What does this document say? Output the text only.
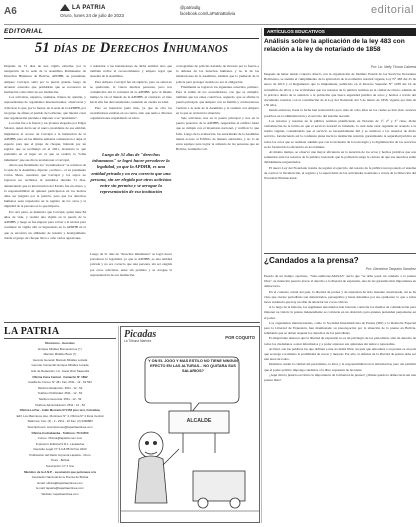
A6	LA PATRIA
Oruro, lunes 24 de julio de 2023
@patriadig
facebook.com/LaPatriaBolivia	editorial
EDITORIAL
51 días de Derechos Inhumanos

Después de 51 días de una vigilia extrema, por la usurpación de la sede de la Asamblea Permanente de Derechos Humanos de Bolivia, APDHB, su presidente, Amparo Carvajal, salió por la puerta grande, luego de alcanzar acuerdos que permitirán que se reconozca su institución como líder de esa institución.

Los activistas, expertos, analistas, líderes de opinión, y representantes de organismos internacionales, observaron y criticaron lo que, por la fuerza, en la sede de la APDHB, por un grupo de afines al partido de Gobierno, que intentó crear una organización paralela e imponer a su "presidente".

La toma fue a la fuerza y los jóvenes alegados por Edgar Salazar, quien decía ser el nuevo presidente de esa entidad, impidieron el acceso de Carvajal a la institución de la APDHB, pero en las últimas semanas comenzaron a dejar el espacio para que el grupo de choque, liderado por un regidor que se promulgó en el 2021, alcanzara lo que pretendía en el lugar en el que se realizó la "toma inhumana" que ese día le arrebataron a Carvajal.

Ahora que finalmente los "avasalladores" se retiraron de la sede de la Asamblea, dijeron: ¡acabaro... el ex presidente Carlos Mesa, cuestionó que Carvajal y los suyos no lograron ser recibidos ni atendidos durante 51 días, denunciando que la intervención del Estado fue un abuso, y la responsabilidad de quienes participaron en los hechos debe ser juzgada por la justicia, para que los derechos humanos sean respetados en la registro de los otros y la dignidad de la persona es lo que importa.

Por otra parte, se denunció que Carvajal, quien tiene 84 años de vida, y realizó una vigilia en la puerta de la APDHB, y luego se fue ingresó para volver a la terraza para continuar su vigilia allí; es ingresando en la APDHB en la que se encontró un ambiente de tensión y hostigamiento donde el grupo de choque llevó a cabo varias agresiones.

a reinstalar a las instalaciones de dicha entidad, sino que también recibe el reconocimiento y amparo legal que sustenta de la Asamblea.

Para Amparo Carvajal fue un suplicio, pero su salud no se quebrantó, la vieron muchas personas, pero nos comunicaba ahí la voluntad de la APDHB, pero al mismo tiempo la vio el mundo de la APDHB; al contrario, el trato hacia ella fue desconsiderado, teniendo en cuenta su edad.

Pero su intención pudo más, ya que su olla los avasalladores estaban en su contra, sino que tenía a diversas organizaciones respaldando su labor.

Luego de 51 días de "derechos inhumanos" se logró hacer prevalecer la legalidad, ya que la APDHB, es una entidad privada y no era correcto que una persona, sin ser elegida por otros activistas entre sin permiso y se arrogue la representación de esa institución

Luego de 51 días de "derechos inhumanos" se logró hacer prevalecer la legalidad, ya que la APDHB, es una entidad privada y no era correcto que una persona, sin ser elegida por otros activistas, entre sin permiso y se arrogue la representación de esa institución.

cronogramas de policías tratando de llevarse por la fuerza a la defensa de los derechos humanos y no le de las instalaciones de la Asamblea, además que lo pudieron de la policía para proteger cuando no era la obligación.

Finalmente se lograron los siguientes acuerdos, primero, Para la salida de los avasalladores, con que se cumplió; tambien que los entes colectivos, segundo, que se afirme la puerta principal, que Amparo con su familia y colaboradores vuelvan a la sede de la Asamblea y la reunión con Amparo en la que se revisará la situación.

Seis activistas, tras en la puerta principal y tres en la puerta posterior de la APDHB, resguardan el edificio hasta que se cumpla con el inventario nacional, y verificar lo que falta. Luego de la evaluación, las autoridades de la Asamblea tienen acceso al Edificio de manera autónoma, y no lo de estos equipos para lograr la armonía de las personas que en Bolivia, Guillermo Gil.

LA PATRIA
Directores - Gerentes
Enrique Miralles Bonnecarrere (†)
Marcelo Miralles Bové (†)
Gerente General: Marcelo Miralles Lozada
Gerente Comercial: Enrique Miralles Lozada
Jefe de Redacción: Lic. Javier Ruiz Saavedra
Oficina Zona Central - Camacho N° 1892
Casilla de Correo: N° 48 • Fax: 2511 - 12 - 52 562
Teléfono Redacción: 2511 - 12 - 52
Teléfono Publicidad: 2511 - 12 - 52
Teléfono Gerencia: 2511 - 12 - 52
Teléfono Administración: 2511 - 12 - 52
Oficina La Paz - Calle Mercado N°1453 piso test, Colombia,
Edif. Los Manzanos piso, Montrieux N° 4, Oficina N° 4 Zona Central
Teléfonos: Fax: (2) - 2 - 2311 - 22 Fax: (2) 2390883
Suscripciones: suscripciones@lapatriaenlinea.com
Oficina Cochabamba - Teléfono: 76 24453
Correo: Oficina@lapatria.com.com
Impresión: Editorial S.R.L. Lavaderias
Depósito Legal: N° 3-3-8-85-02 Fax 2023
Publicación del Diario Imprenta Lapatria - Oruro
Oruro - Bolivia
Suscripción: N° 2 Uno
Miembro de la A.N.P. - asociación que pertenece a la
Asociación Nacional de la Prensa de Bolivia
Email: oficina@lapatriaenlinea.com
E-mail: lapatria@lapatriaenlinea.com
Website: lapatriaenlinea.com
Picadas
La Tribuna Marinez
POR COQUITO
Y ON EL JOGO Y MAS ESTILO NO TIENE NINGUN EFECTO EN LAS ALTURAS... NO QUITARA SUS SALARIOS?
ALCALDE
ARTÍCULOS EDUCATIVOS
Análisis sobre la aplicación de la ley 483 con relación a la ley de notariado de 1858
Por: Lic. Nelly Ticona Cabrera

Después de haber tenido contacto directo con la organización de Instituto Estatal de los Servicios Notariales Bolivianos, se analiza el cumplimiento de la aplicación de la normativa notarial vigente, Ley N° 483 del 25 de enero de 2014 y el Reglamento que la implementa, publicado en el Decreto Supremo N° 2189 del 19 de noviembre de 2014, y las actividades que los notarios de fe pública realizan en la ciudad de Oruro; además de la práctica diaria de la atención a la población que busca seguridad jurídica de actos y hechos a través del documento notarial, con la contribución de la Ley del Notariado del 5 de marzo de 1858, vigente por más de 150 años.

Desde entonces, hasta la fecha han transcurrido poco más de ocho años en los cuales se han visto avances positivos en la administración y el servicio del sistema notarial.

Los notarios y notarias de fe pública realizan planificando en Notarías de 1°, 2° y 3° clase, dicha verbalización de la forma en que el servicio notarial es brindado, la cual debe estar regulada de acuerdo a la norma vigente, considerando que el servicio es necesariamente útil y se satisface a los usuarios de dicho servicio, fortaleciendo así la confianza plena hacia la institución notarial, garantizando la seguridad jurídica en todos los actos que se realizan; además que con la inclusión de la tecnología y la digitalización de los servicios se ha fortalecido la eficiencia en los trámites.

Al mismo tiempo, se observó una mayor eficiencia en la atención de los actos y hechos jurídicos que son sometidos ante los notarios de fe pública, buscando que la población tenga la certeza de que sus derechos están debidamente resguardados.

El nuevo Ley del Notariado trataba de regular el ejercicio del notario de fe pública incorporando el sistema de control, la fiscalización, el registro y la supervisión de las actividades notariales a través de la Dirección del Notariado Plurinacional.

¿Candados a la prensa?
Por: Gerónimo Tarquino Sanchez

Pasado de un tiempo oportuno, "Sólo-auditores-MASAS" decía que "se debe pasar un candado a la prensa libre", su intención pareció atacar el derecho a la libertad de expresión, una de las garantías más importantes en democracia.

En el contexto actual del país, la libertad de prensa y de expresión ha sido bastante cuestionada, así se ha visto que ciertos periodistas son denunciados, perseguidos y hasta detenidos por sus opiniones; lo que a todas luces evidencia que hay un afán de silenciar las voces críticas.

A lo largo de la historia, los regímenes autoritarios han buscado controlar los medios de comunicación para imponer su visión; la prensa independiente se convierte en un obstáculo para quienes pretenden perpetuarse en el poder.

Los organismos internacionales, como la Sociedad Interamericana de Prensa (SIP) y la Relatoría Especial para la Libertad de Expresión, han manifestado su preocupación por la situación de la prensa en Bolivia, señalando que se deben respetar los derechos de los periodistas.

Es importante destacar que la libertad de expresión no es un privilegio de los periodistas, sino un derecho de todos los ciudadanos a estar informados y a poder expresar sus opiniones sin temor a represalias.

Al final, son las palabras las que definen a una sociedad libre; un país que amordaza a su prensa es un país que se niega a sí mismo la posibilidad de crecer y mejorar. Por ello, la defensa de la libertad de prensa debe ser una tarea de todos.

Debemos cuidar la calidad del periodismo, la ética y la responsabilidad en la información, pero sin permitir que el poder político imponga candados a la libre expresión de las ideas.

¿Aquí dirá la justicia en Oruro la importancia de la libertad de prensa? ¿Dónde queda la democracia sin una prensa libre?
